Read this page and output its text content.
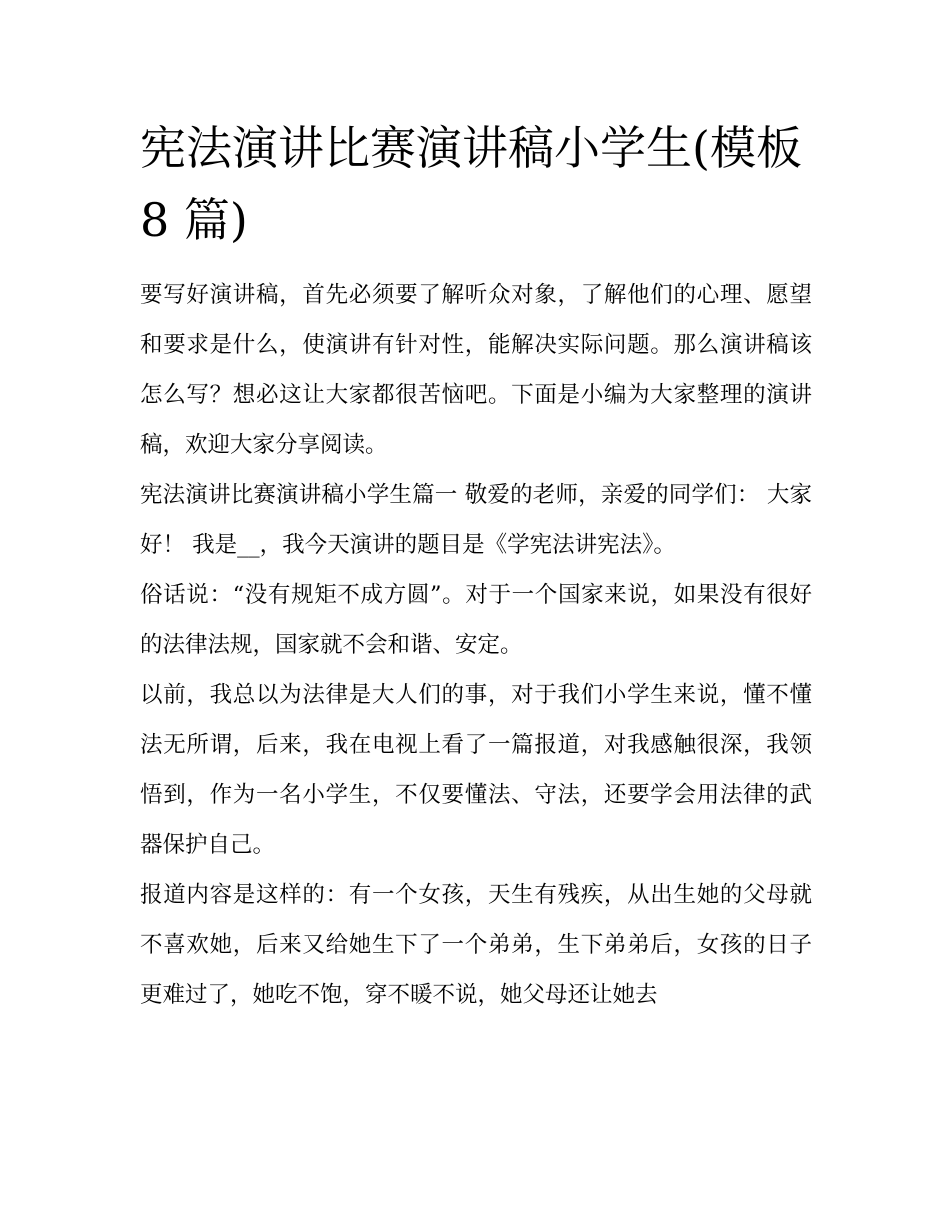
宪法演讲比赛演讲稿小学生(模板 8 篇)

要写好演讲稿，首先必须要了解听众对象，了解他们的心理、愿望和要求是什么，使演讲有针对性，能解决实际问题。那么演讲稿该怎么写？想必这让大家都很苦恼吧。下面是小编为大家整理的演讲稿，欢迎大家分享阅读。

宪法演讲比赛演讲稿小学生篇一 敬爱的老师，亲爱的同学们： 大家好！ 我是__，我今天演讲的题目是《学宪法讲宪法》。

俗话说：“没有规矩不成方圆”。对于一个国家来说，如果没有很好的法律法规，国家就不会和谐、安定。

以前，我总以为法律是大人们的事，对于我们小学生来说，懂不懂法无所谓，后来，我在电视上看了一篇报道，对我感触很深，我领悟到，作为一名小学生，不仅要懂法、守法，还要学会用法律的武器保护自己。

报道内容是这样的：有一个女孩，天生有残疾，从出生她的父母就不喜欢她，后来又给她生下了一个弟弟，生下弟弟后，女孩的日子更难过了，她吃不饱，穿不暖不说，她父母还让她去
